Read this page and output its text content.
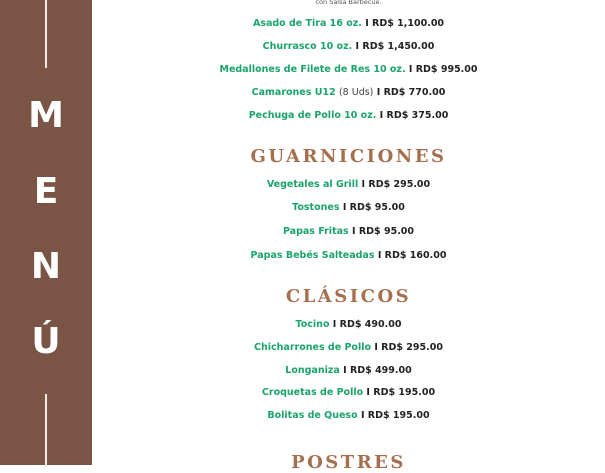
M
E
N
Ú
con Salsa Barbecue.
Asado de Tira 16 oz. I RD$ 1,100.00
Churrasco 10 oz. I RD$ 1,450.00
Medallones de Filete de Res 10 oz. I RD$ 995.00
Camarones U12 (8 Uds) I RD$ 770.00
Pechuga de Pollo 10 oz. I RD$ 375.00
GUARNICIONES
Vegetales al Grill I RD$ 295.00
Tostones I RD$ 95.00
Papas Fritas I RD$ 95.00
Papas Bebés Salteadas I RD$ 160.00
CLÁSICOS
Tocino I RD$ 490.00
Chicharrones de Pollo I RD$ 295.00
Longaniza I RD$ 499.00
Croquetas de Pollo I RD$ 195.00
Bolitas de Queso I RD$ 195.00
POSTRES
